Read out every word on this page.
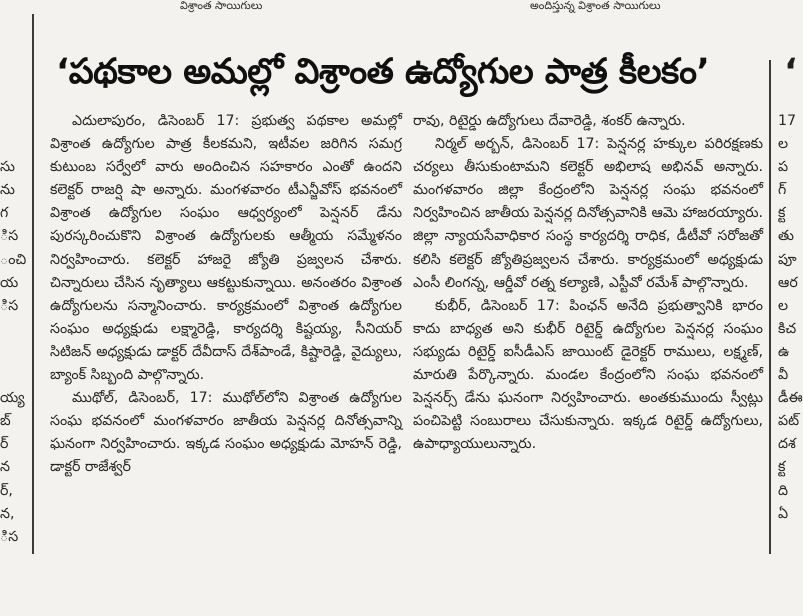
విశ్రాంత సాయిగులు	అందిస్తున్న విశ్రాంత సాయిగులు
సు
ను
గ
ిస
ంచి
య
ిస
య్య
బ్
ర్
న
ర్,
న,
ిస
‘పథకాల అమల్లో విశ్రాంత ఉద్యోగుల పాత్ర కీలకం’	‘

ఎదులాపురం, డిసెంబర్ 17: ప్రభుత్వ పథకాల అమల్లో విశ్రాంత ఉద్యోగుల పాత్ర కీలకమని, ఇటీవల జరిగిన సమగ్ర కుటుంబ సర్వేలో వారు అందించిన సహకారం ఎంతో ఉందని కలెక్టర్ రాజర్షి షా అన్నారు. మంగళవారం టీఎన్జీవోస్ భవనంలో విశ్రాంత ఉద్యోగుల సంఘం ఆధ్వర్యంలో పెన్షనర్ డేను పురస్కరించుకొని విశ్రాంత ఉద్యోగులకు ఆత్మీయ సమ్మేళనం నిర్వహించారు. కలెక్టర్ హాజరై జ్యోతి ప్రజ్వలన చేశారు. చిన్నారులు చేసిన నృత్యాలు ఆకట్టుకున్నాయి. అనంతరం విశ్రాంత ఉద్యోగులను సన్మానించారు. కార్యక్రమంలో విశ్రాంత ఉద్యోగుల సంఘం అధ్యక్షుడు లక్ష్మారెడ్డి, కార్యదర్శి కిష్టయ్య, సీనియర్ సిటిజన్ అధ్యక్షుడు డాక్టర్ దేవీదాస్ దేశ్‌పాండే, కిష్టారెడ్డి, వైద్యులు, బ్యాంక్ సిబ్బంది పాల్గొన్నారు.

ముథోల్, డిసెంబర్, 17: ముథోల్‌లోని విశ్రాంత ఉద్యోగుల సంఘ భవనంలో మంగళవారం జాతీయ పెన్షనర్ల దినోత్సవాన్ని ఘనంగా నిర్వహించారు. ఇక్కడ సంఘం అధ్యక్షుడు మోహన్ రెడ్డి, డాక్టర్ రాజేశ్వర్

రావు, రిటైర్డు ఉద్యోగులు దేవారెడ్డి, శంకర్ ఉన్నారు.

నిర్మల్ అర్బన్, డిసెంబర్ 17: పెన్షనర్ల హక్కుల పరిరక్షణకు చర్యలు తీసుకుంటామని కలెక్టర్ అభిలాష అభినవ్ అన్నారు. మంగళవారం జిల్లా కేంద్రంలోని పెన్షనర్ల సంఘ భవనంలో నిర్వహించిన జాతీయ పెన్షనర్ల దినోత్సవానికి ఆమె హాజరయ్యారు. జిల్లా న్యాయసేవాధికార సంస్థ కార్యదర్శి రాధిక, డీటీవో సరోజతో కలిసి కలెక్టర్ జ్యోతిప్రజ్వలన చేశారు. కార్యక్రమంలో అధ్యక్షుడు ఎంసీ లింగన్న, ఆర్డీవో రత్న కల్యాణి, ఎస్టీవో రమేశ్ పాల్గొన్నారు.

కుభీర్, డిసెంబర్ 17: పింఛన్ అనేది ప్రభుత్వానికి భారం కాదు బాధ్యత అని కుభీర్ రిటైర్డ్ ఉద్యోగుల పెన్షనర్ల సంఘం సభ్యుడు రిటైర్డ్ ఐసీడీఎస్ జాయింట్ డైరెక్టర్ రాములు, లక్ష్మణ్, మారుతి పేర్కొన్నారు. మండల కేంద్రంలోని సంఘ భవనంలో పెన్షనర్స్ డేను ఘనంగా నిర్వహించారు. అంతకుముందు స్వీట్లు పంచిపెట్టి సంబురాలు చేసుకున్నారు. ఇక్కడ రిటైర్డ్ ఉద్యోగులు, ఉపాధ్యాయులున్నారు.

17
ల
ప
గ్
క్ట
తు
పూ
ఆర
ల
కిచ
ఉ
వీ
డీఈ
పట్
దశ
క్ట
ది
ఏ
